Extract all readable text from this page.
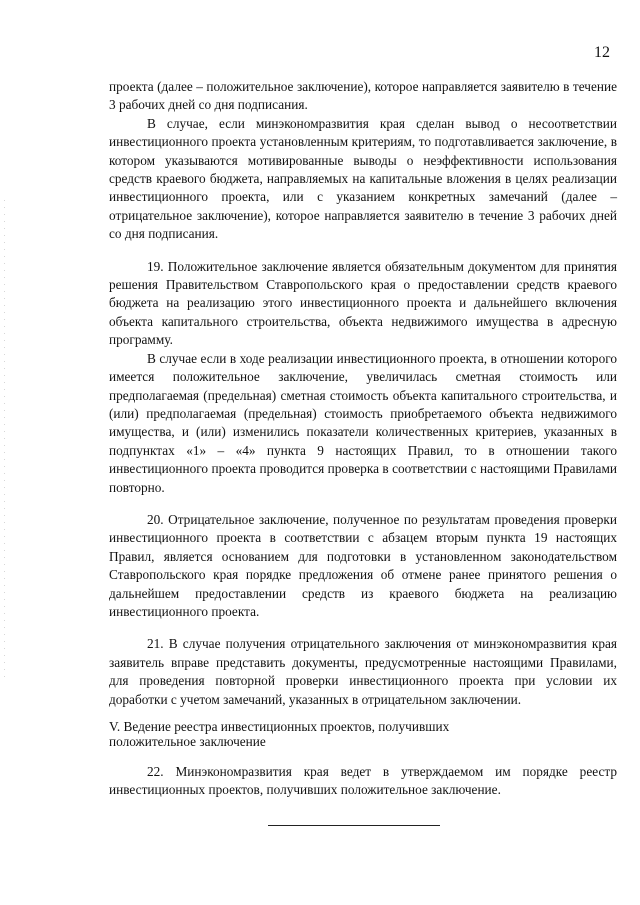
12

проекта (далее – положительное заключение), которое направляется заявителю в течение 3 рабочих дней со дня подписания.

В случае, если минэкономразвития края сделан вывод о несоответствии инвестиционного проекта установленным критериям, то подготавливается заключение, в котором указываются мотивированные выводы о неэффективности использования средств краевого бюджета, направляемых на капитальные вложения в целях реализации инвестиционного проекта, или с указанием конкретных замечаний (далее – отрицательное заключение), которое направляется заявителю в течение 3 рабочих дней со дня подписания.

19. Положительное заключение является обязательным документом для принятия решения Правительством Ставропольского края о предоставлении средств краевого бюджета на реализацию этого инвестиционного проекта и дальнейшего включения объекта капитального строительства, объекта недвижимого имущества в адресную программу.

В случае если в ходе реализации инвестиционного проекта, в отношении которого имеется положительное заключение, увеличилась сметная стоимость или предполагаемая (предельная) сметная стоимость объекта капитального строительства, и (или) предполагаемая (предельная) стоимость приобретаемого объекта недвижимого имущества, и (или) изменились показатели количественных критериев, указанных в подпунктах «1» – «4» пункта 9 настоящих Правил, то в отношении такого инвестиционного проекта проводится проверка в соответствии с настоящими Правилами повторно.

20. Отрицательное заключение, полученное по результатам проведения проверки инвестиционного проекта в соответствии с абзацем вторым пункта 19 настоящих Правил, является основанием для подготовки в установленном законодательством Ставропольского края порядке предложения об отмене ранее принятого решения о дальнейшем предоставлении средств из краевого бюджета на реализацию инвестиционного проекта.

21. В случае получения отрицательного заключения от минэкономразвития края заявитель вправе представить документы, предусмотренные настоящими Правилами, для проведения повторной проверки инвестиционного проекта при условии их доработки с учетом замечаний, указанных в отрицательном заключении.

V. Ведение реестра инвестиционных проектов, получивших

положительное заключение

22. Минэкономразвития края ведет в утверждаемом им порядке реестр инвестиционных проектов, получивших положительное заключение.
